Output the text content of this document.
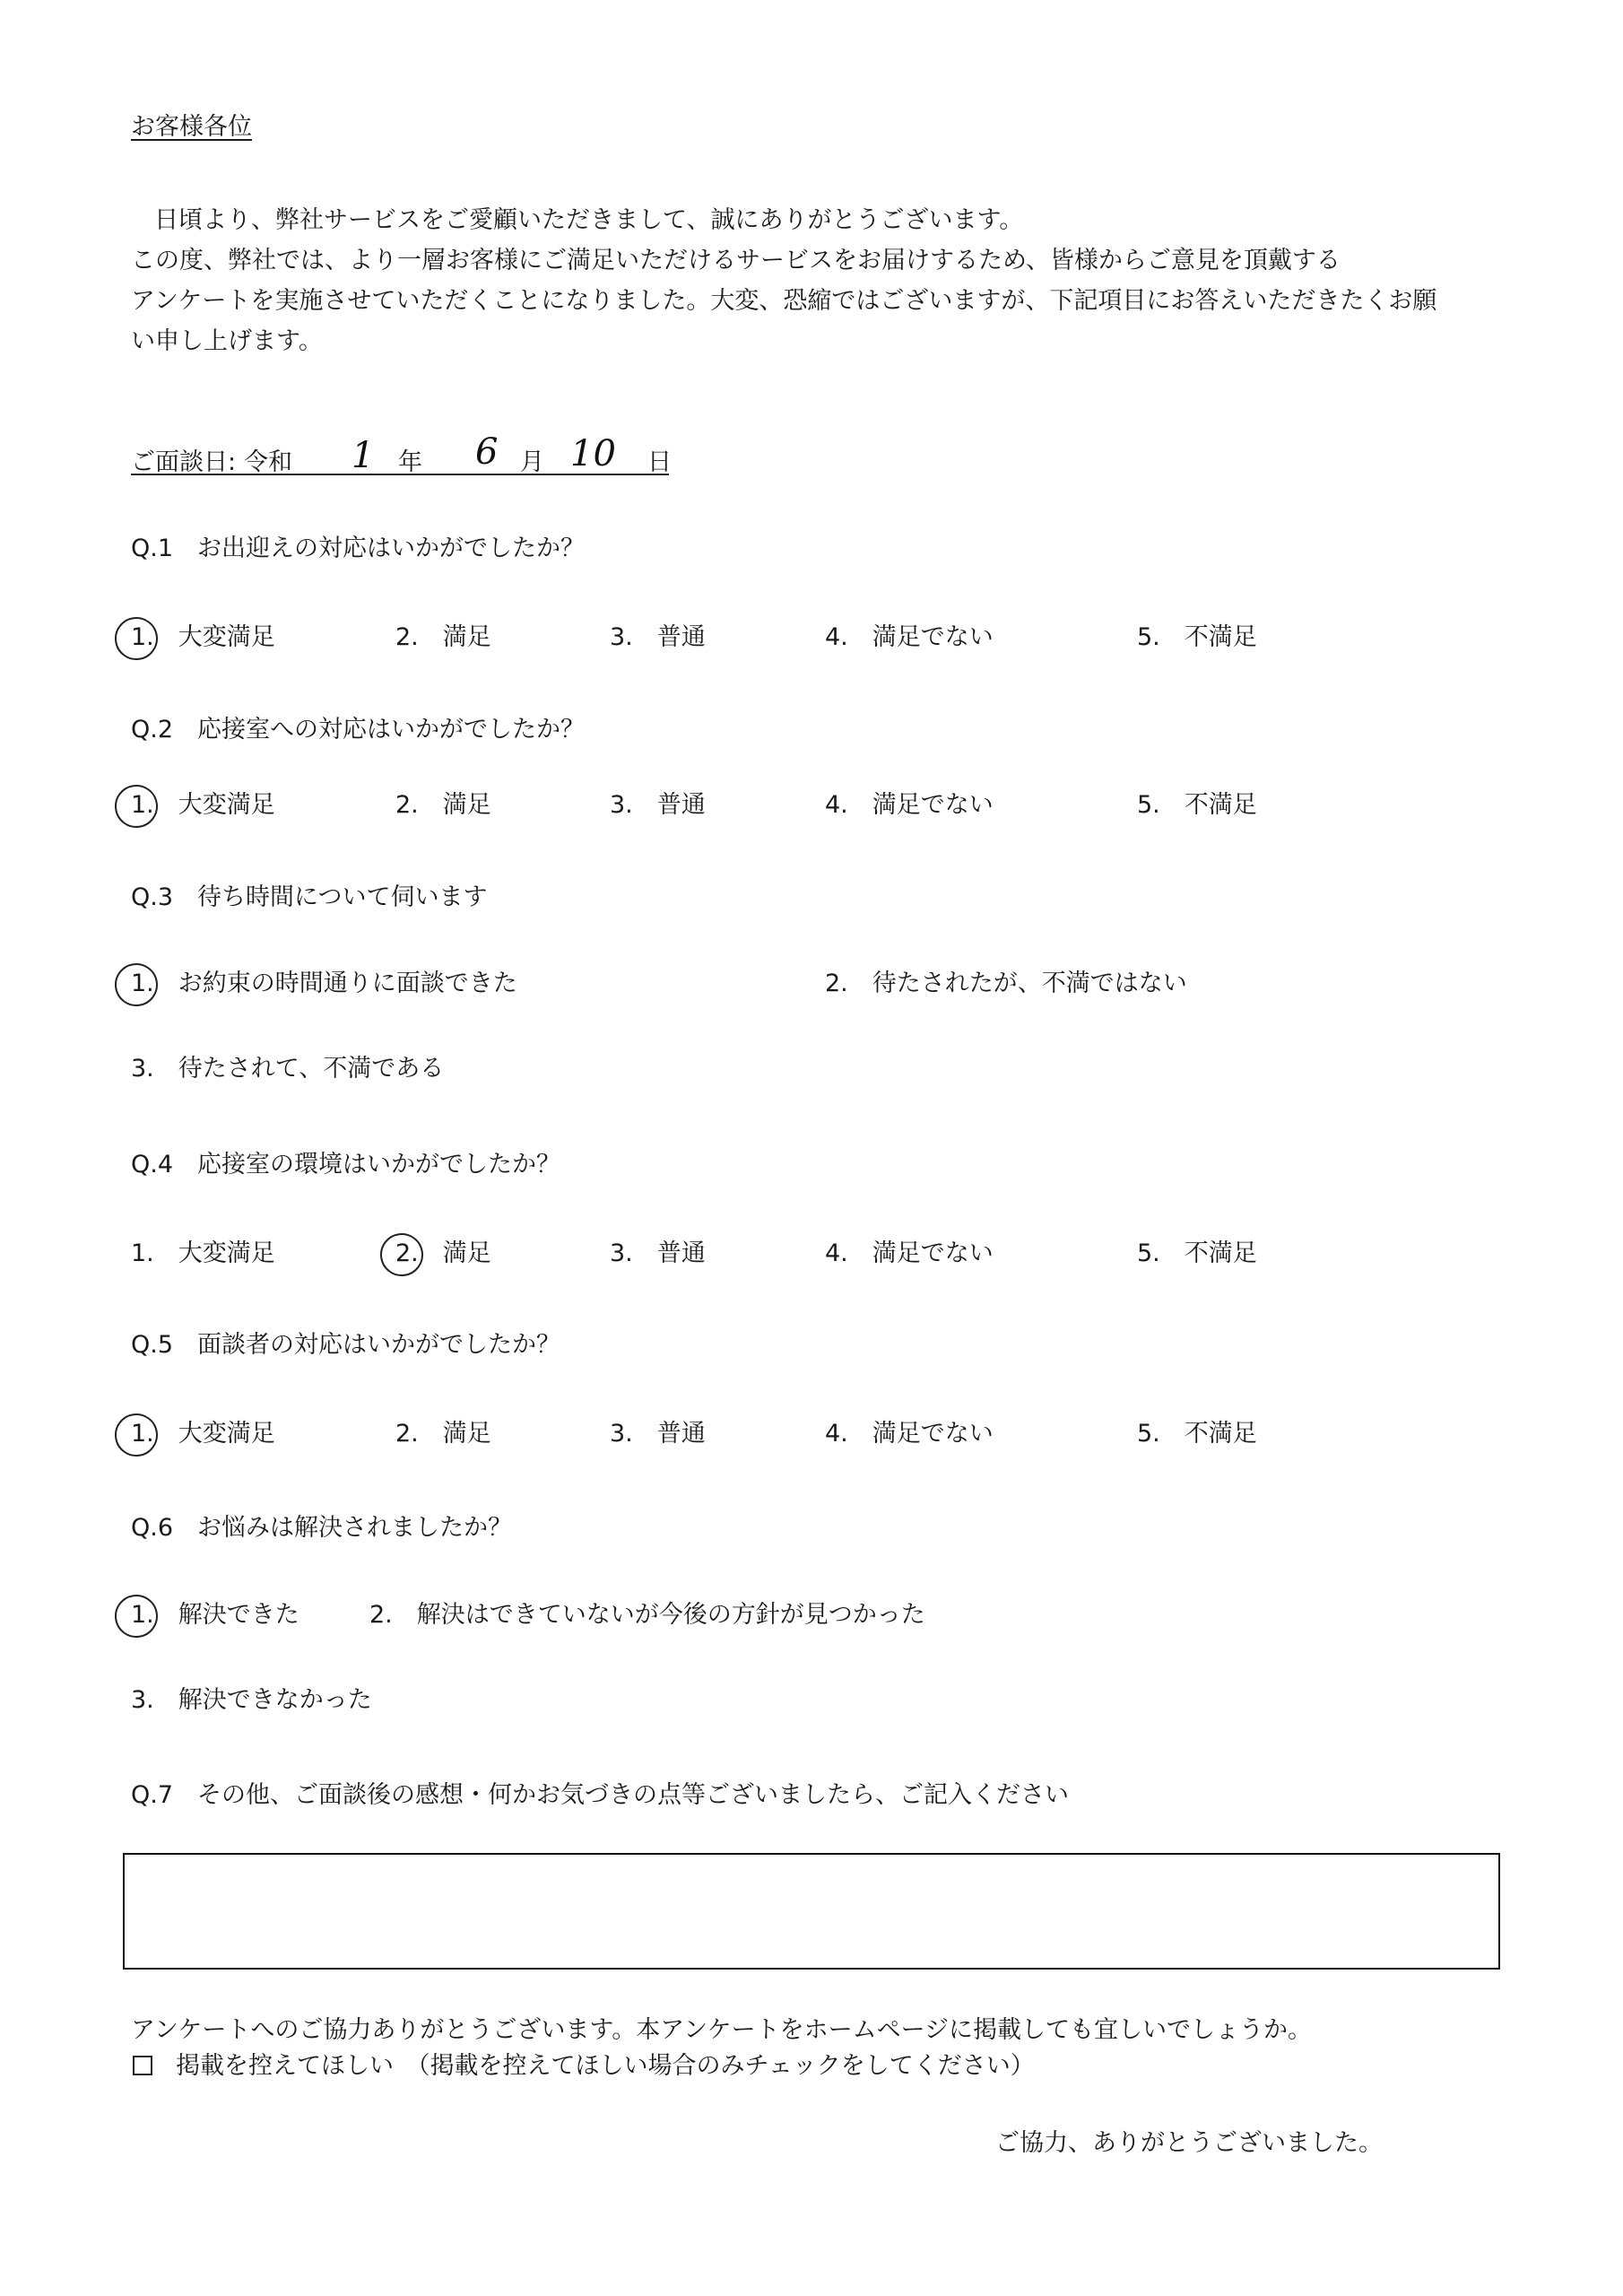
お客様各位
日頃より、弊社サービスをご愛顧いただきまして、誠にありがとうございます。
この度、弊社では、より一層お客様にご満足いただけるサービスをお届けするため、皆様からご意見を頂戴する
アンケートを実施させていただくことになりました。大変、恐縮ではございますが、下記項目にお答えいただきたくお願
い申し上げます。
ご面談日: 令和 1 年 6 月 10 日
Q.1　お出迎えの対応はいかがでしたか？
1.　大変満足	2.　満足	3.　普通	4.　満足でない	5.　不満足
Q.2　応接室への対応はいかがでしたか？
1.　大変満足	2.　満足	3.　普通	4.　満足でない	5.　不満足
Q.3　待ち時間について伺います
1.　お約束の時間通りに面談できた	2.　待たされたが、不満ではない
3.　待たされて、不満である
Q.4　応接室の環境はいかがでしたか？
1.　大変満足	2.　満足	3.　普通	4.　満足でない	5.　不満足
Q.5　面談者の対応はいかがでしたか？
1.　大変満足	2.　満足	3.　普通	4.　満足でない	5.　不満足
Q.6　お悩みは解決されましたか？
1.　解決できた	2.　解決はできていないが今後の方針が見つかった
3.　解決できなかった
Q.7　その他、ご面談後の感想・何かお気づきの点等ございましたら、ご記入ください
アンケートへのご協力ありがとうございます。本アンケートをホームページに掲載しても宜しいでしょうか。
掲載を控えてほしい　（掲載を控えてほしい場合のみチェックをしてください）
ご協力、ありがとうございました。
